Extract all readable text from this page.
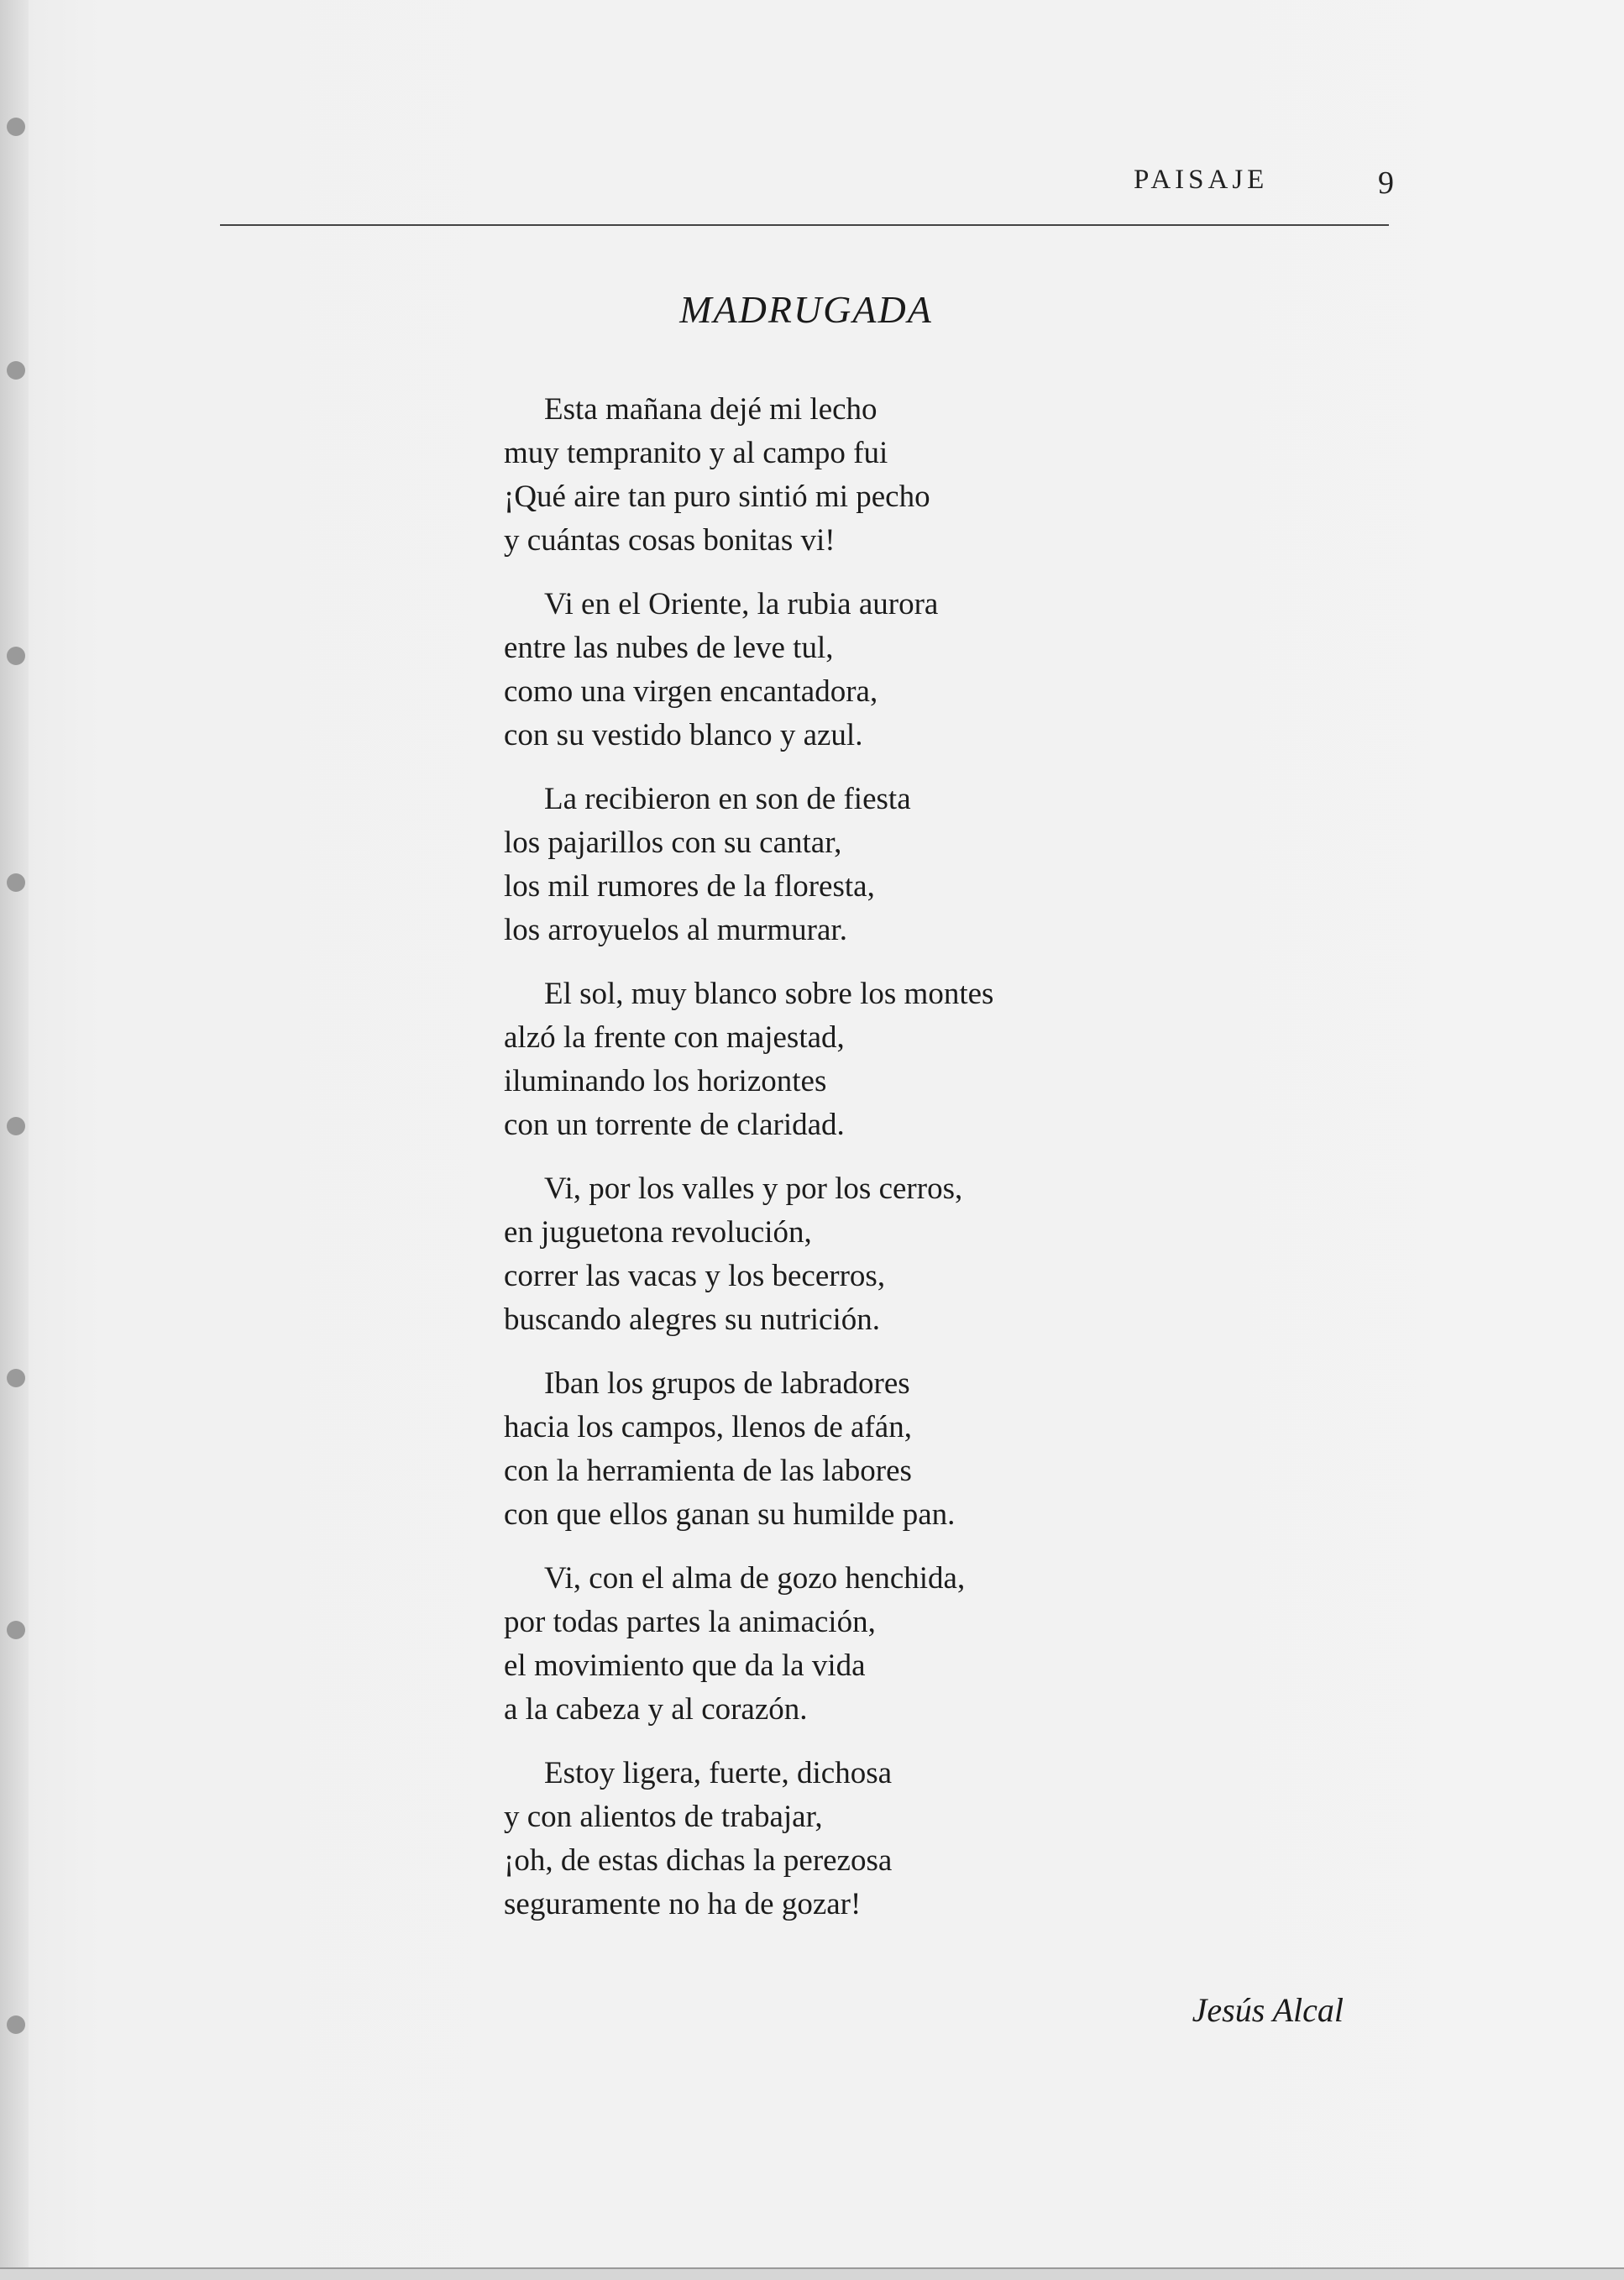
PAISAJE	9
MADRUGADA
Esta mañana dejé mi lecho
muy tempranito y al campo fui
¡Qué aire tan puro sintió mi pecho
y cuántas cosas bonitas vi!
Vi en el Oriente, la rubia aurora
entre las nubes de leve tul,
como una virgen encantadora,
con su vestido blanco y azul.
La recibieron en son de fiesta
los pajarillos con su cantar,
los mil rumores de la floresta,
los arroyuelos al murmurar.
El sol, muy blanco sobre los montes
alzó la frente con majestad,
iluminando los horizontes
con un torrente de claridad.
Vi, por los valles y por los cerros,
en juguetona revolución,
correr las vacas y los becerros,
buscando alegres su nutrición.
Iban los grupos de labradores
hacia los campos, llenos de afán,
con la herramienta de las labores
con que ellos ganan su humilde pan.
Vi, con el alma de gozo henchida,
por todas partes la animación,
el movimiento que da la vida
a la cabeza y al corazón.
Estoy ligera, fuerte, dichosa
y con alientos de trabajar,
¡oh, de estas dichas la perezosa
seguramente no ha de gozar!
Jesús Alcal
